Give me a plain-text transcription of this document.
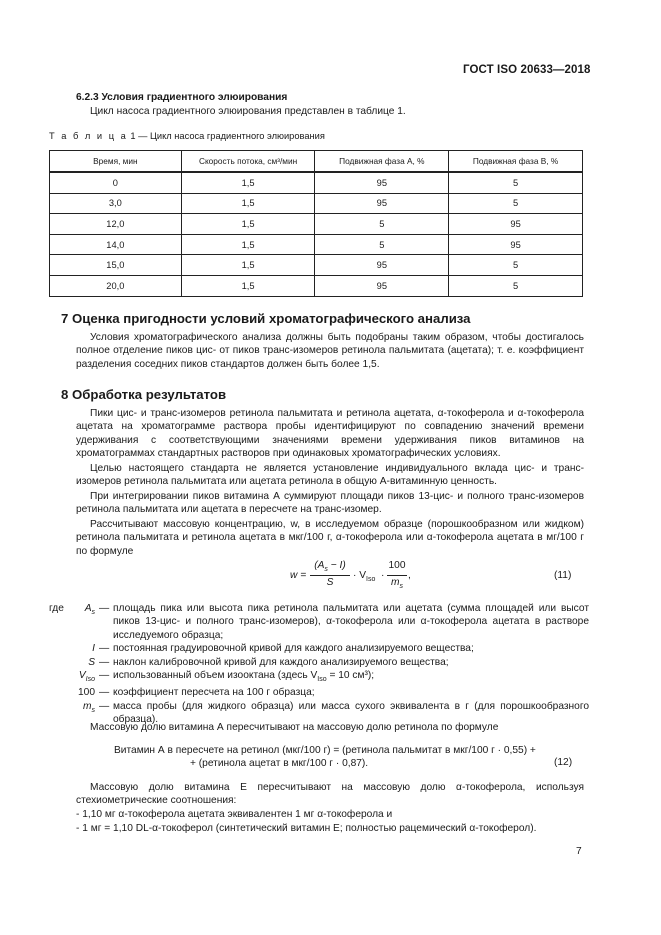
ГОСТ ISO 20633—2018
6.2.3 Условия градиентного элюирования
Цикл насоса градиентного элюирования представлен в таблице 1.
Т а б л и ц а 1 — Цикл насоса градиентного элюирования
Время, мин	Скорость потока, см³/мин	Подвижная фаза А, %	Подвижная фаза В, %
0	1,5	95	5
3,0	1,5	95	5
12,0	1,5	5	95
14,0	1,5	5	95
15,0	1,5	95	5
20,0	1,5	95	5
7 Оценка пригодности условий хроматографического анализа
Условия хроматографического анализа должны быть подобраны таким образом, чтобы достигалось полное отделение пиков цис- от пиков транс-изомеров ретинола пальмитата (ацетата); т. е. коэффициент разделения соседних пиков стандартов должен быть более 1,5.
8 Обработка результатов
Пики цис- и транс-изомеров ретинола пальмитата и ретинола ацетата, α-токоферола и α-токоферола ацетата на хроматограмме раствора пробы идентифицируют по совпадению значений времени удерживания с соответствующими значениями времени удерживания пиков витаминов на хроматограммах стандартных растворов при одинаковых хроматографических условиях.
Целью настоящего стандарта не является установление индивидуального вклада цис- и транс-изомеров ретинола пальмитата или ацетата ретинола в общую А-витаминную ценность.
При интегрировании пиков витамина А суммируют площади пиков 13-цис- и полного транс-изомеров ретинола пальмитата или ацетата в пересчете на транс-изомер.
Рассчитывают массовую концентрацию, w, в исследуемом образце (порошкообразном или жидком) ретинола пальмитата и ретинола ацетата в мкг/100 г, α-токоферола или α-токоферола ацетата в мг/100 г по формуле
w =
$(A_s - I)$
S
· $V_{Iso}$ ·
100
$m_s$
,	(11)
где	$A_s$ — площадь пика или высота пика ретинола пальмитата или ацетата (сумма площадей или высот пиков 13-цис- и полного транс-изомеров), α-токоферола или α-токоферола ацетата в растворе исследуемого образца;
I — постоянная градуировочной кривой для каждого анализируемого вещества;
S — наклон калибровочной кривой для каждого анализируемого вещества;
$V_{Iso}$ — использованный объем изооктана (здесь $V_{Iso} = 10$ см³);
100 — коэффициент пересчета на 100 г образца;
$m_s$ — масса пробы (для жидкого образца) или масса сухого эквивалента в г (для порошкообразного образца).
Массовую долю витамина А пересчитывают на массовую долю ретинола по формуле
Витамин А в пересчете на ретинол (мкг/100 г) = (ретинола пальмитат в мкг/100 г · 0,55) +
+ (ретинола ацетат в мкг/100 г · 0,87).	(12)
Массовую долю витамина Е пересчитывают на массовую долю α-токоферола, используя стехиометрические соотношения:
- 1,10 мг α-токоферола ацетата эквивалентен 1 мг α-токоферола и
- 1 мг = 1,10 DL-α-токоферол (синтетический витамин Е; полностью рацемический α-токоферол).
7
